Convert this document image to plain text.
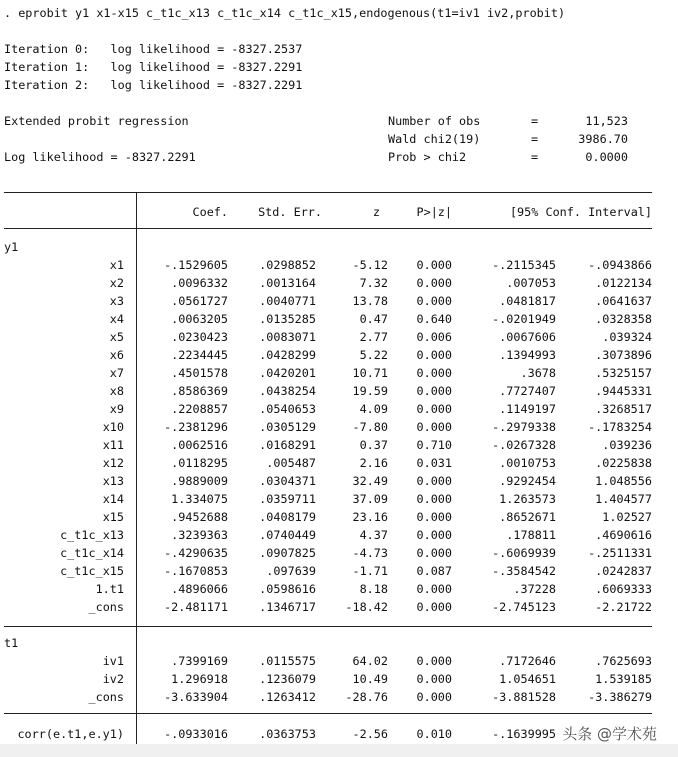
. eprobit y1 x1-x15 c_t1c_x13 c_t1c_x14 c_t1c_x15,endogenous(t1=iv1 iv2,probit)
Iteration 0:   log likelihood = -8327.2537
Iteration 1:   log likelihood = -8327.2291
Iteration 2:   log likelihood = -8327.2291
Extended probit regression
Log likelihood = -8327.2291
Number of obs	=	11,523
Wald chi2(19)	=	3986.70
Prob > chi2	=	0.0000
Coef.	Std. Err.	z	P>|z|	[95% Conf. Interval]
y1
x1	-.1529605	.0298852	-5.12	0.000	-.2115345	-.0943866
x2	.0096332	.0013164	7.32	0.000	.007053	.0122134
x3	.0561727	.0040771	13.78	0.000	.0481817	.0641637
x4	.0063205	.0135285	0.47	0.640	-.0201949	.0328358
x5	.0230423	.0083071	2.77	0.006	.0067606	.039324
x6	.2234445	.0428299	5.22	0.000	.1394993	.3073896
x7	.4501578	.0420201	10.71	0.000	.3678	.5325157
x8	.8586369	.0438254	19.59	0.000	.7727407	.9445331
x9	.2208857	.0540653	4.09	0.000	.1149197	.3268517
x10	-.2381296	.0305129	-7.80	0.000	-.2979338	-.1783254
x11	.0062516	.0168291	0.37	0.710	-.0267328	.039236
x12	.0118295	.005487	2.16	0.031	.0010753	.0225838
x13	.9889009	.0304371	32.49	0.000	.9292454	1.048556
x14	1.334075	.0359711	37.09	0.000	1.263573	1.404577
x15	.9452688	.0408179	23.16	0.000	.8652671	1.02527
c_t1c_x13	.3239363	.0740449	4.37	0.000	.178811	.4690616
c_t1c_x14	-.4290635	.0907825	-4.73	0.000	-.6069939	-.2511331
c_t1c_x15	-.1670853	.097639	-1.71	0.087	-.3584542	.0242837
1.t1	.4896066	.0598616	8.18	0.000	.37228	.6069333
_cons	-2.481171	.1346717	-18.42	0.000	-2.745123	-2.21722
t1
iv1	.7399169	.0115575	64.02	0.000	.7172646	.7625693
iv2	1.296918	.1236079	10.49	0.000	1.054651	1.539185
_cons	-3.633904	.1263412	-28.76	0.000	-3.881528	-3.386279
corr(e.t1,e.y1)	-.0933016	.0363753	-2.56	0.010	-.1639995 头条 @学术苑
